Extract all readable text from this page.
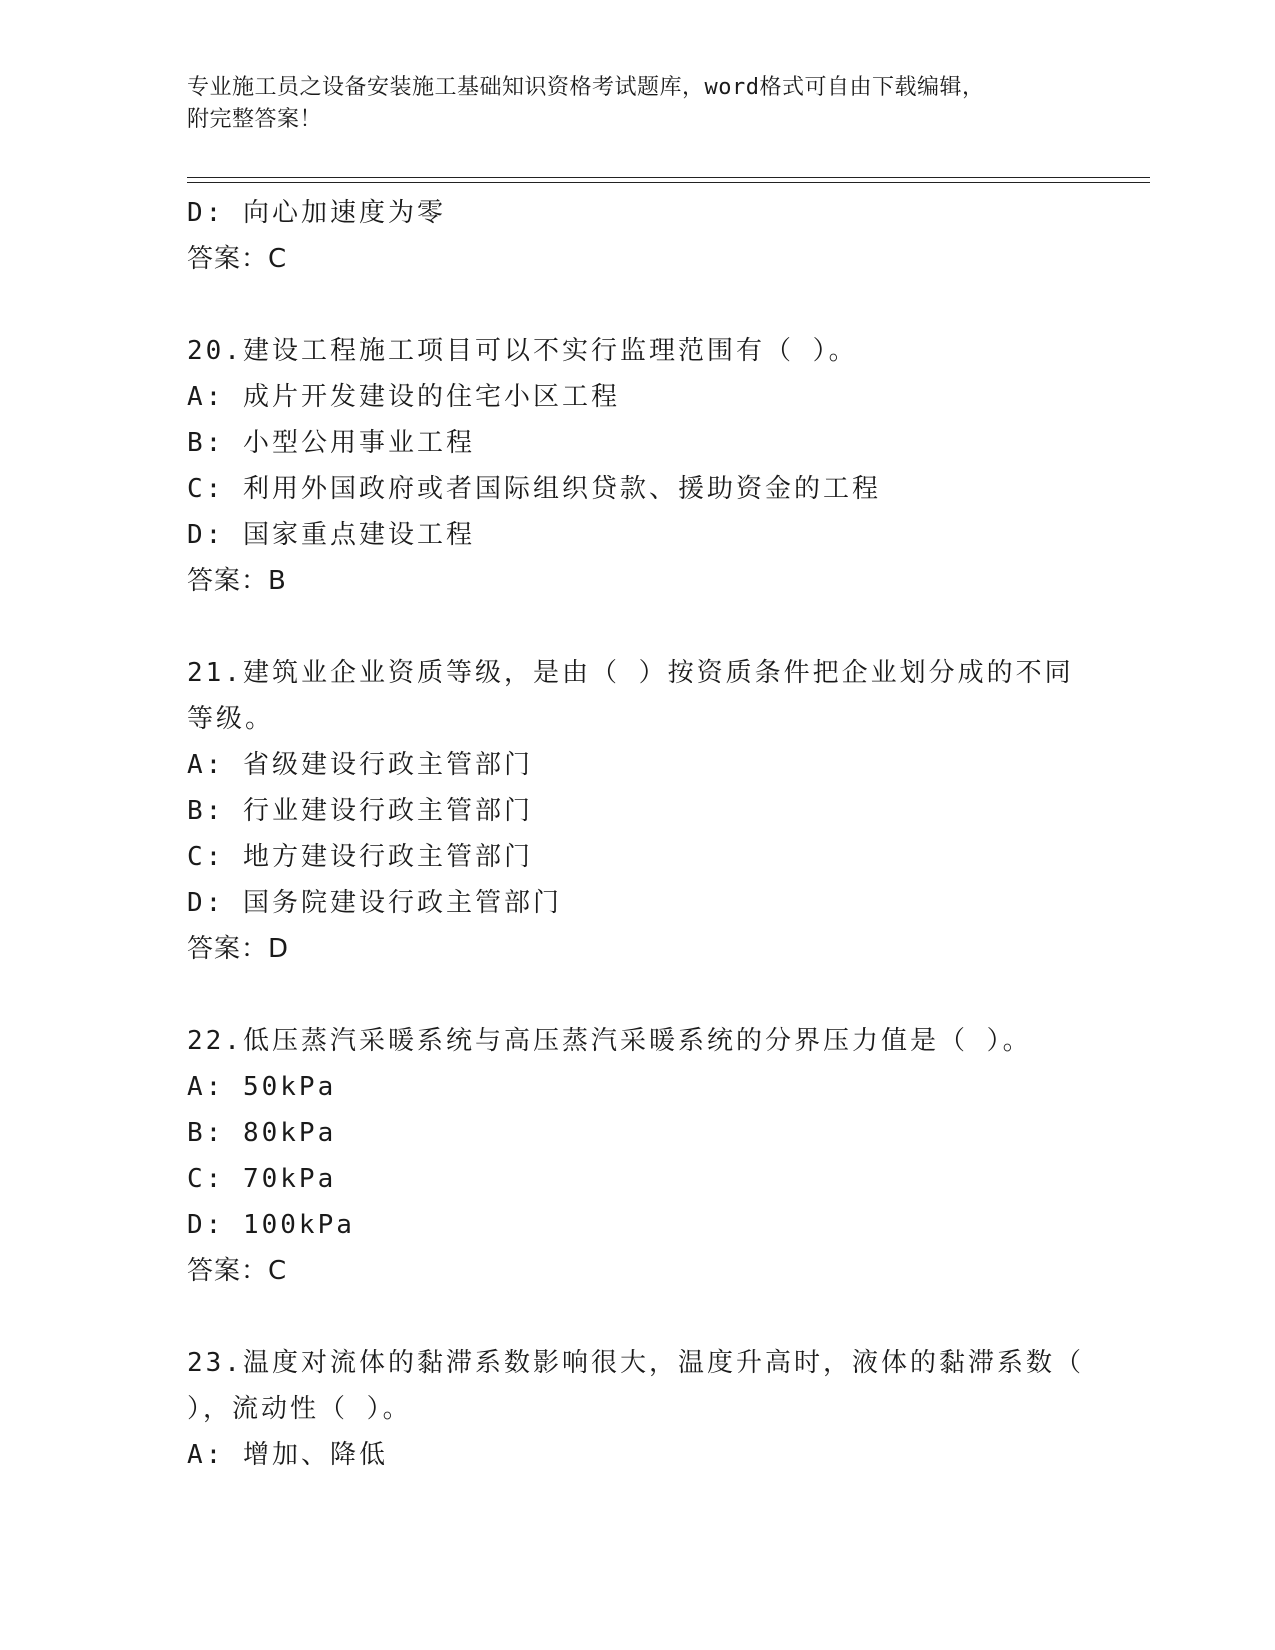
专业施工员之设备安装施工基础知识资格考试题库，word格式可自由下载编辑，
附完整答案！
D: 向心加速度为零
答案：C
20.建设工程施工项目可以不实行监理范围有（ ）。
A: 成片开发建设的住宅小区工程
B: 小型公用事业工程
C: 利用外国政府或者国际组织贷款、援助资金的工程
D: 国家重点建设工程
答案：B
21.建筑业企业资质等级，是由（ ）按资质条件把企业划分成的不同
等级。
A: 省级建设行政主管部门
B: 行业建设行政主管部门
C: 地方建设行政主管部门
D: 国务院建设行政主管部门
答案：D
22.低压蒸汽采暖系统与高压蒸汽采暖系统的分界压力值是（ ）。
A: 50kPa
B: 80kPa
C: 70kPa
D: 100kPa
答案：C
23.温度对流体的黏滞系数影响很大，温度升高时，液体的黏滞系数（
），流动性（ ）。
A: 增加、降低
